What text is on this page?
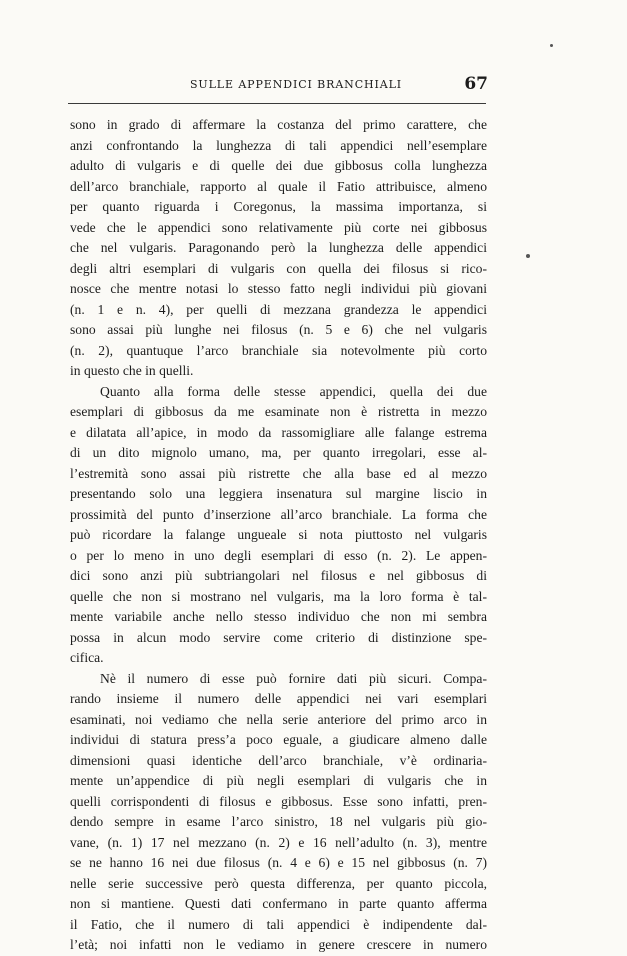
SULLE APPENDICI BRANCHIALI	67
sono in grado di affermare la costanza del primo carattere, che
anzi confrontando la lunghezza di tali appendici nell’esemplare
adulto di vulgaris e di quelle dei due gibbosus colla lunghezza
dell’arco branchiale, rapporto al quale il Fatio attribuisce, almeno
per quanto riguarda i Coregonus, la massima importanza, si
vede che le appendici sono relativamente più corte nei gibbosus
che nel vulgaris. Paragonando però la lunghezza delle appendici
degli altri esemplari di vulgaris con quella dei filosus si rico-
nosce che mentre notasi lo stesso fatto negli individui più giovani
(n. 1 e n. 4), per quelli di mezzana grandezza le appendici
sono assai più lunghe nei filosus (n. 5 e 6) che nel vulgaris
(n. 2), quantuque l’arco branchiale sia notevolmente più corto
in questo che in quelli.
Quanto alla forma delle stesse appendici, quella dei due
esemplari di gibbosus da me esaminate non è ristretta in mezzo
e dilatata all’apice, in modo da rassomigliare alle falange estrema
di un dito mignolo umano, ma, per quanto irregolari, esse al-
l’estremità sono assai più ristrette che alla base ed al mezzo
presentando solo una leggiera insenatura sul margine liscio in
prossimità del punto d’inserzione all’arco branchiale. La forma che
può ricordare la falange ungueale si nota piuttosto nel vulgaris
o per lo meno in uno degli esemplari di esso (n. 2). Le appen-
dici sono anzi più subtriangolari nel filosus e nel gibbosus di
quelle che non si mostrano nel vulgaris, ma la loro forma è tal-
mente variabile anche nello stesso individuo che non mi sembra
possa in alcun modo servire come criterio di distinzione spe-
cifica.
Nè il numero di esse può fornire dati più sicuri. Compa-
rando insieme il numero delle appendici nei vari esemplari
esaminati, noi vediamo che nella serie anteriore del primo arco in
individui di statura press’a poco eguale, a giudicare almeno dalle
dimensioni quasi identiche dell’arco branchiale, v’è ordinaria-
mente un’appendice di più negli esemplari di vulgaris che in
quelli corrispondenti di filosus e gibbosus. Esse sono infatti, pren-
dendo sempre in esame l’arco sinistro, 18 nel vulgaris più gio-
vane, (n. 1) 17 nel mezzano (n. 2) e 16 nell’adulto (n. 3), mentre
se ne hanno 16 nei due filosus (n. 4 e 6) e 15 nel gibbosus (n. 7)
nelle serie successive però questa differenza, per quanto piccola,
non si mantiene. Questi dati confermano in parte quanto afferma
il Fatio, che il numero di tali appendici è indipendente dal-
l’età; noi infatti non le vediamo in genere crescere in numero
